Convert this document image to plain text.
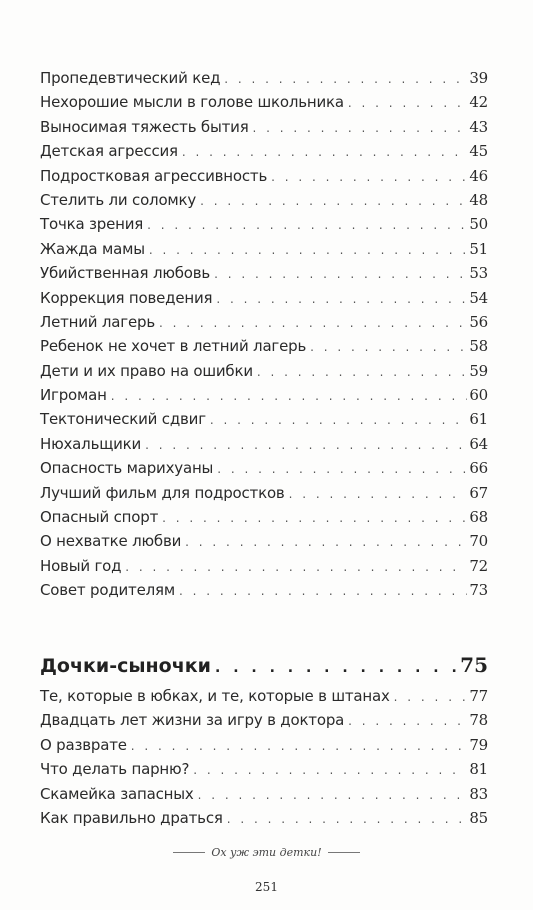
Пропедевтический кед . . .	39
Нехорошие мысли в голове школьника . . .	42
Выносимая тяжесть бытия . . .	43
Детская агрессия . . .	45
Подростковая агрессивность . . .	46
Стелить ли соломку . . .	48
Точка зрения . . .	50
Жажда мамы . . .	51
Убийственная любовь . . .	53
Коррекция поведения . . .	54
Летний лагерь . . .	56
Ребенок не хочет в летний лагерь . . .	58
Дети и их право на ошибки . . .	59
Игроман . . .	60
Тектонический сдвиг . . .	61
Нюхальщики . . .	64
Опасность марихуаны . . .	66
Лучший фильм для подростков . . .	67
Опасный спорт . . .	68
О нехватке любви . . .	70
Новый год . . .	72
Совет родителям . . .	73
Дочки-сыночки . . .	75
Те, которые в юбках, и те, которые в штанах . . .	77
Двадцать лет жизни за игру в доктора . . .	78
О разврате . . .	79
Что делать парню? . . .	81
Скамейка запасных . . .	83
Как правильно драться . . .	85
Ох уж эти детки!
251
